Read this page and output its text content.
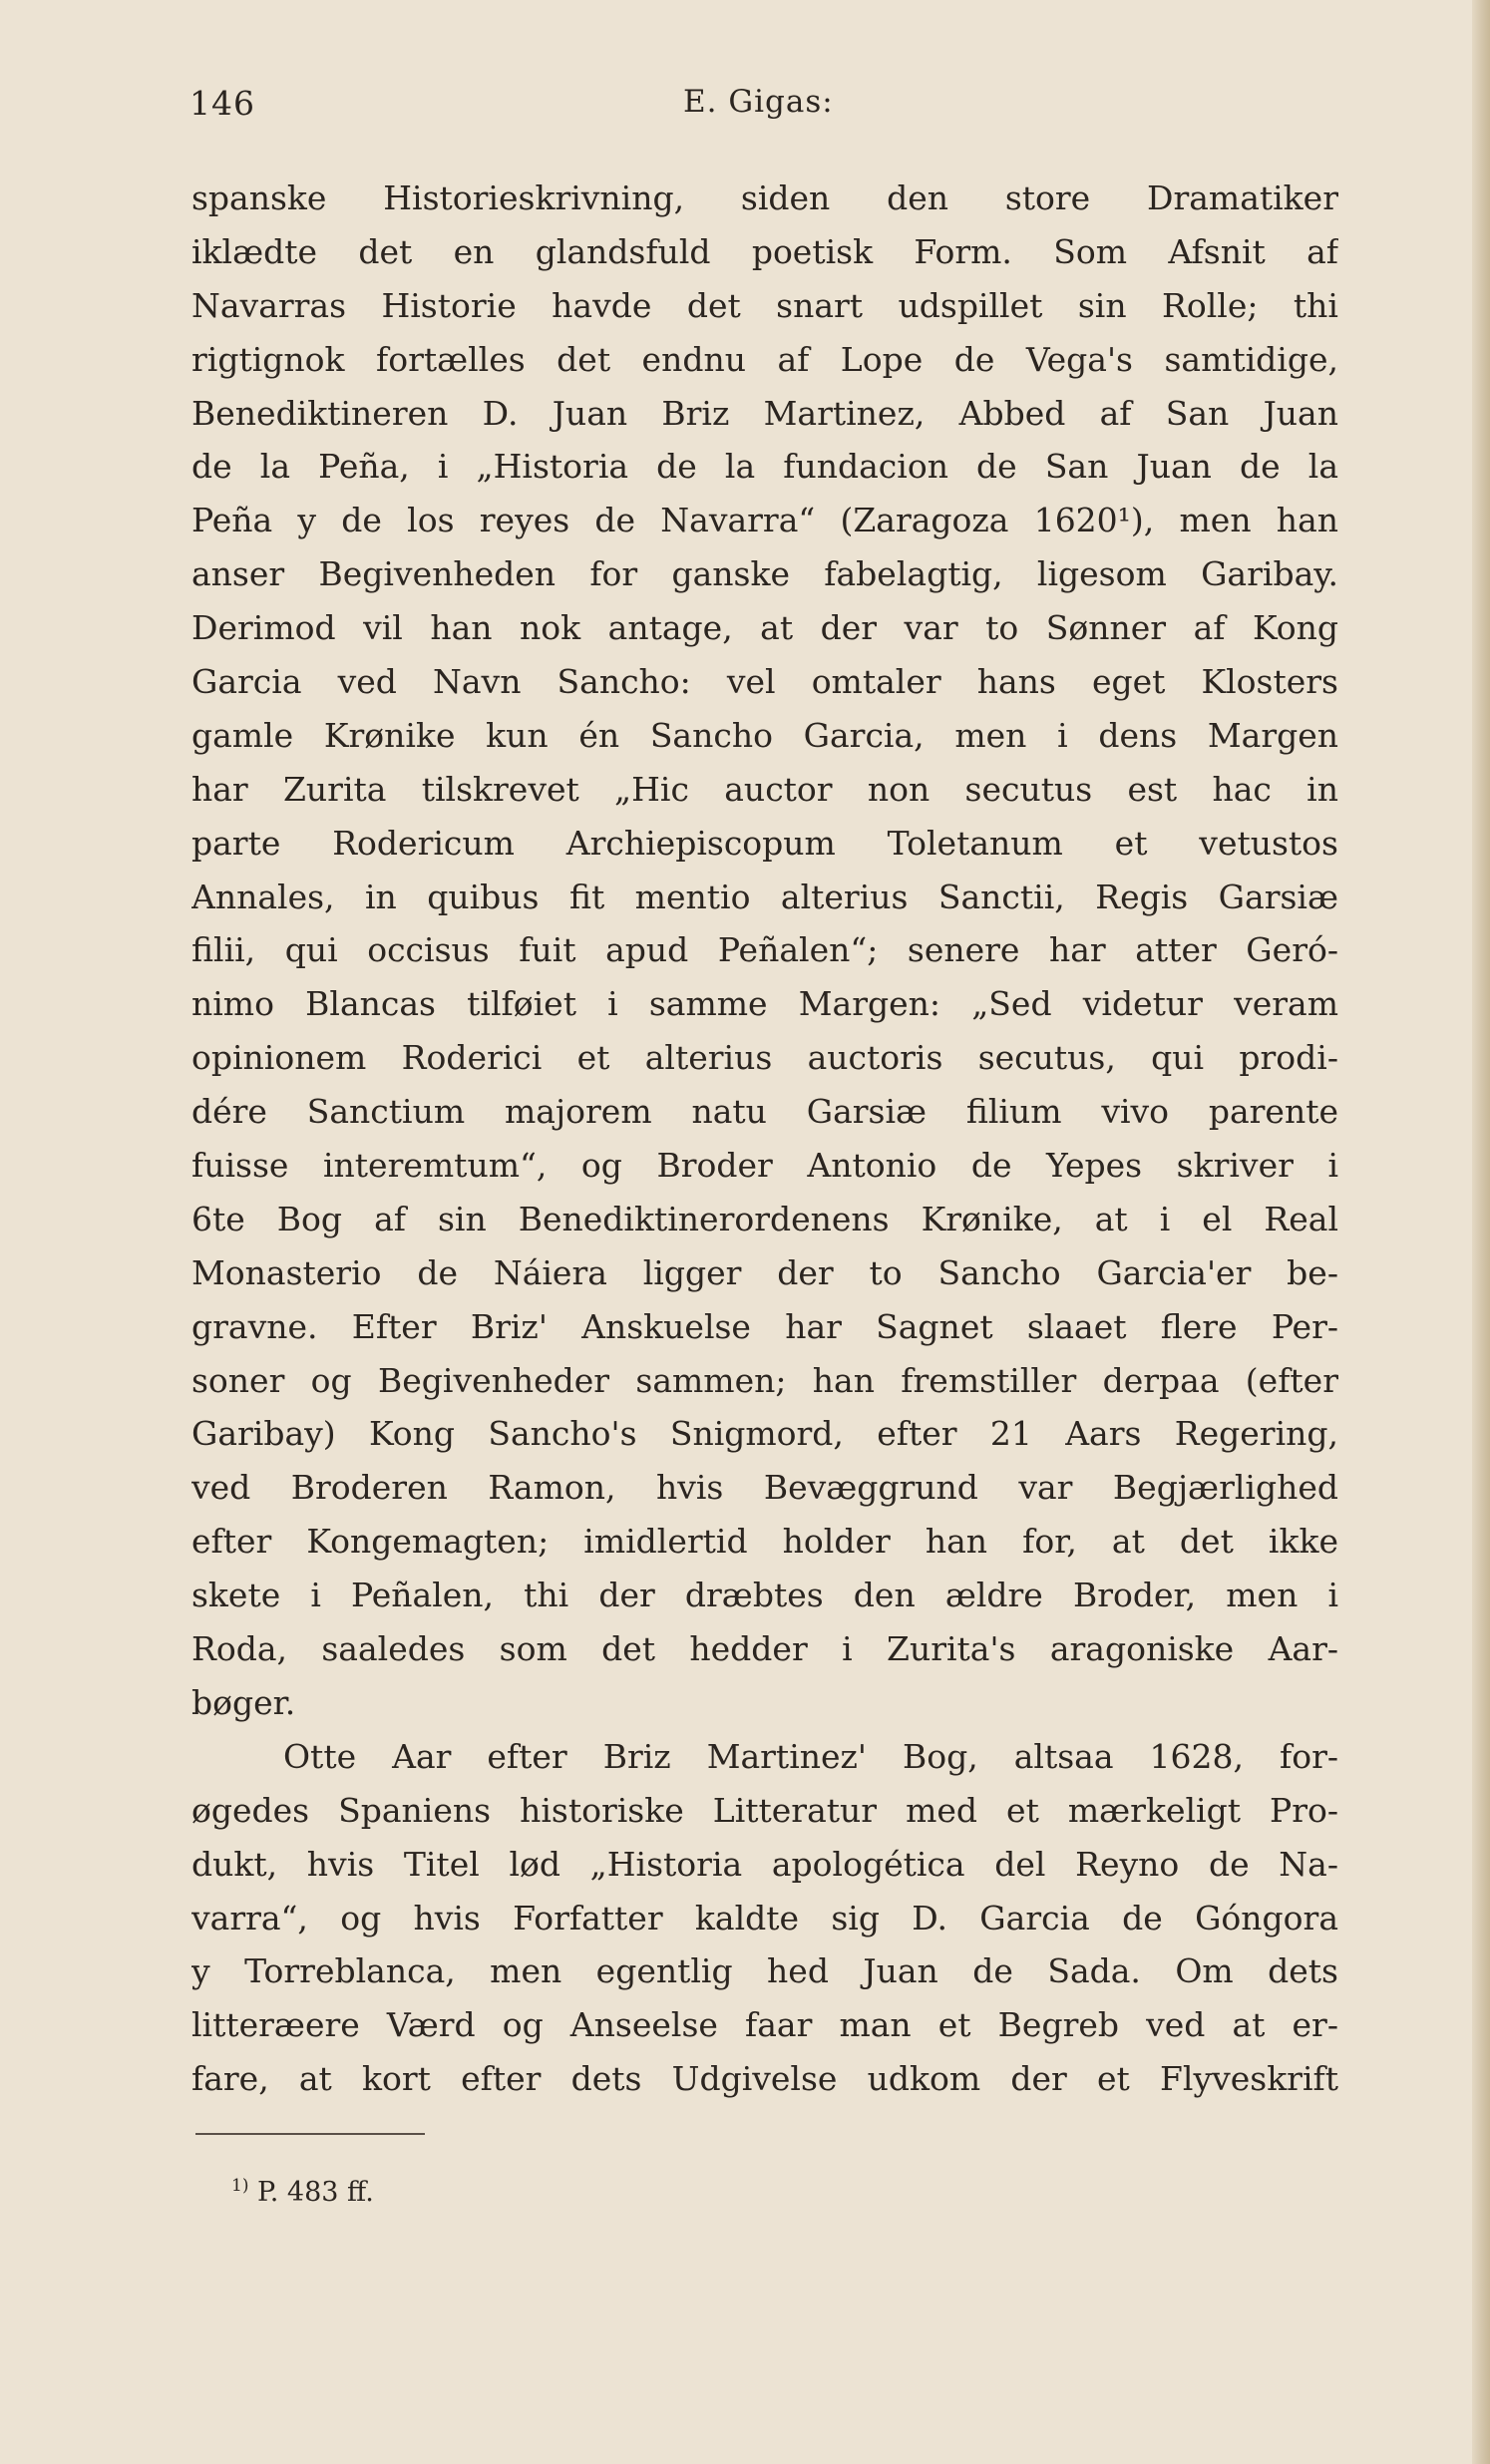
146	E. Gigas:
spanske Historieskrivning, siden den store Dramatiker
iklædte det en glandsfuld poetisk Form. Som Afsnit af
Navarras Historie havde det snart udspillet sin Rolle; thi
rigtignok fortælles det endnu af Lope de Vega's samtidige,
Benediktineren D. Juan Briz Martinez, Abbed af San Juan
de la Peña, i „Historia de la fundacion de San Juan de la
Peña y de los reyes de Navarra“ (Zaragoza 1620¹), men han
anser Begivenheden for ganske fabelagtig, ligesom Garibay.
Derimod vil han nok antage, at der var to Sønner af Kong
Garcia ved Navn Sancho: vel omtaler hans eget Klosters
gamle Krønike kun én Sancho Garcia, men i dens Margen
har Zurita tilskrevet „Hic auctor non secutus est hac in
parte Rodericum Archiepiscopum Toletanum et vetustos
Annales, in quibus fit mentio alterius Sanctii, Regis Garsiæ
filii, qui occisus fuit apud Peñalen“; senere har atter Geró-
nimo Blancas tilføiet i samme Margen: „Sed videtur veram
opinionem Roderici et alterius auctoris secutus, qui prodi-
dére Sanctium majorem natu Garsiæ filium vivo parente
fuisse interemtum“, og Broder Antonio de Yepes skriver i
6te Bog af sin Benediktinerordenens Krønike, at i el Real
Monasterio de Náiera ligger der to Sancho Garcia'er be-
gravne. Efter Briz' Anskuelse har Sagnet slaaet flere Per-
soner og Begivenheder sammen; han fremstiller derpaa (efter
Garibay) Kong Sancho's Snigmord, efter 21 Aars Regering,
ved Broderen Ramon, hvis Bevæggrund var Begjærlighed
efter Kongemagten; imidlertid holder han for, at det ikke
skete i Peñalen, thi der dræbtes den ældre Broder, men i
Roda, saaledes som det hedder i Zurita's aragoniske Aar-
bøger.
Otte Aar efter Briz Martinez' Bog, altsaa 1628, for-
øgedes Spaniens historiske Litteratur med et mærkeligt Pro-
dukt, hvis Titel lød „Historia apologética del Reyno de Na-
varra“, og hvis Forfatter kaldte sig D. Garcia de Góngora
y Torreblanca, men egentlig hed Juan de Sada. Om dets
litteræere Værd og Anseelse faar man et Begreb ved at er-
fare, at kort efter dets Udgivelse udkom der et Flyveskrift
$^{1)}$ P. 483 ff.
